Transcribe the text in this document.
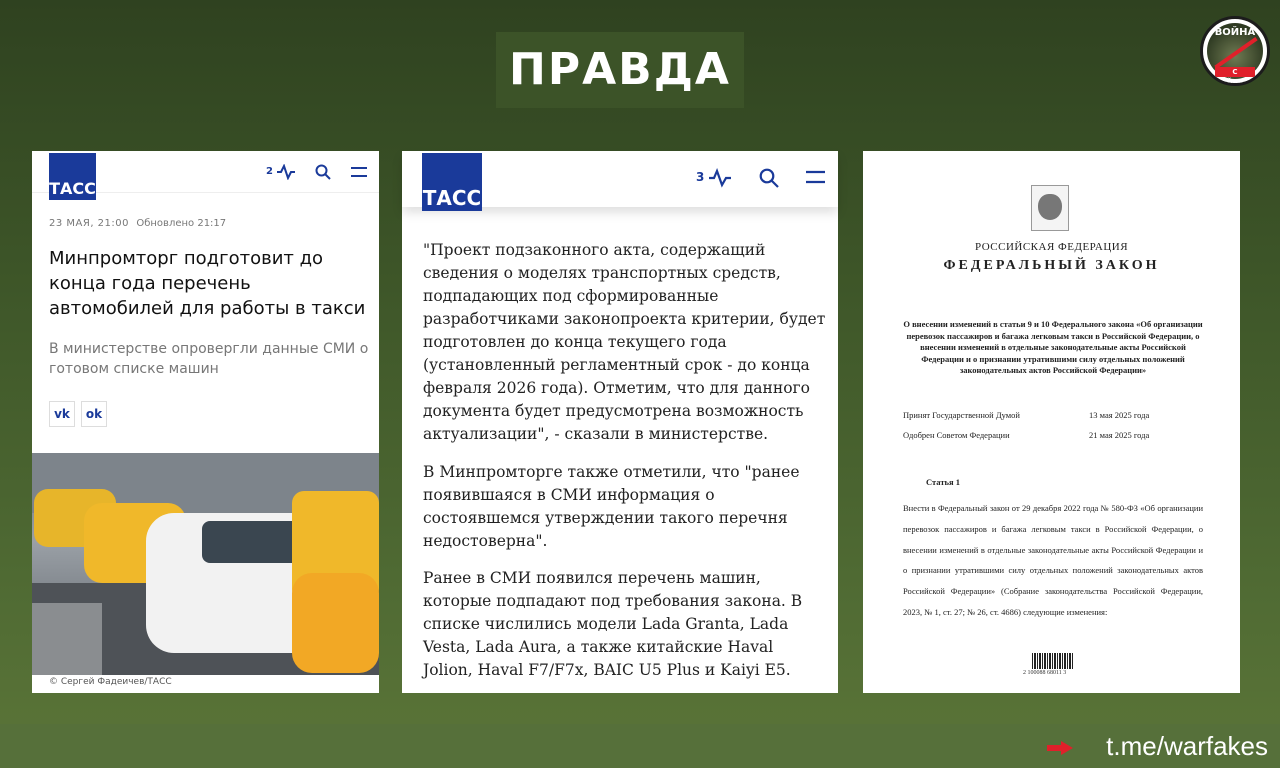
ПРАВДА
ВОЙНА
С ФЕЙКАМИ
ТАСС
2
23 МАЯ, 21:00 Обновлено 21:17
Минпромторг подготовит до конца года перечень автомобилей для работы в такси
В министерстве опровергли данные СМИ о готовом списке машин
vk	ok
© Сергей Фадеичев/ТАСС
ТАСС
3
"Проект подзаконного акта, содержащий сведения о моделях транспортных средств, подпадающих под сформированные разработчиками законопроекта критерии, будет подготовлен до конца текущего года (установленный регламентный срок - до конца февраля 2026 года). Отметим, что для данного документа будет предусмотрена возможность актуализации", - сказали в министерстве.
В Минпромторге также отметили, что "ранее появившаяся в СМИ информация о состоявшемся утверждении такого перечня недостоверна".
Ранее в СМИ появился перечень машин, которые подпадают под требования закона. В списке числились модели Lada Granta, Lada Vesta, Lada Aura, а также китайские Haval Jolion, Haval F7/F7x, BAIC U5 Plus и Kaiyi E5.
РОССИЙСКАЯ ФЕДЕРАЦИЯ
ФЕДЕРАЛЬНЫЙ ЗАКОН
О внесении изменений в статьи 9 и 10 Федерального закона «Об организации перевозок пассажиров и багажа легковым такси в Российской Федерации, о внесении изменений в отдельные законодательные акты Российской Федерации и о признании утратившими силу отдельных положений законодательных актов Российской Федерации»
Принят Государственной Думой	13 мая 2025 года
Одобрен Советом Федерации	21 мая 2025 года
Статья 1
Внести в Федеральный закон от 29 декабря 2022 года № 580-ФЗ «Об организации перевозок пассажиров и багажа легковым такси в Российской Федерации, о внесении изменений в отдельные законодательные акты Российской Федерации и о признании утратившими силу отдельных положений законодательных актов Российской Федерации» (Собрание законодательства Российской Федерации, 2023, № 1, ст. 27; № 26, ст. 4686) следующие изменения:
2 100088 68011 3
t.me/warfakes
